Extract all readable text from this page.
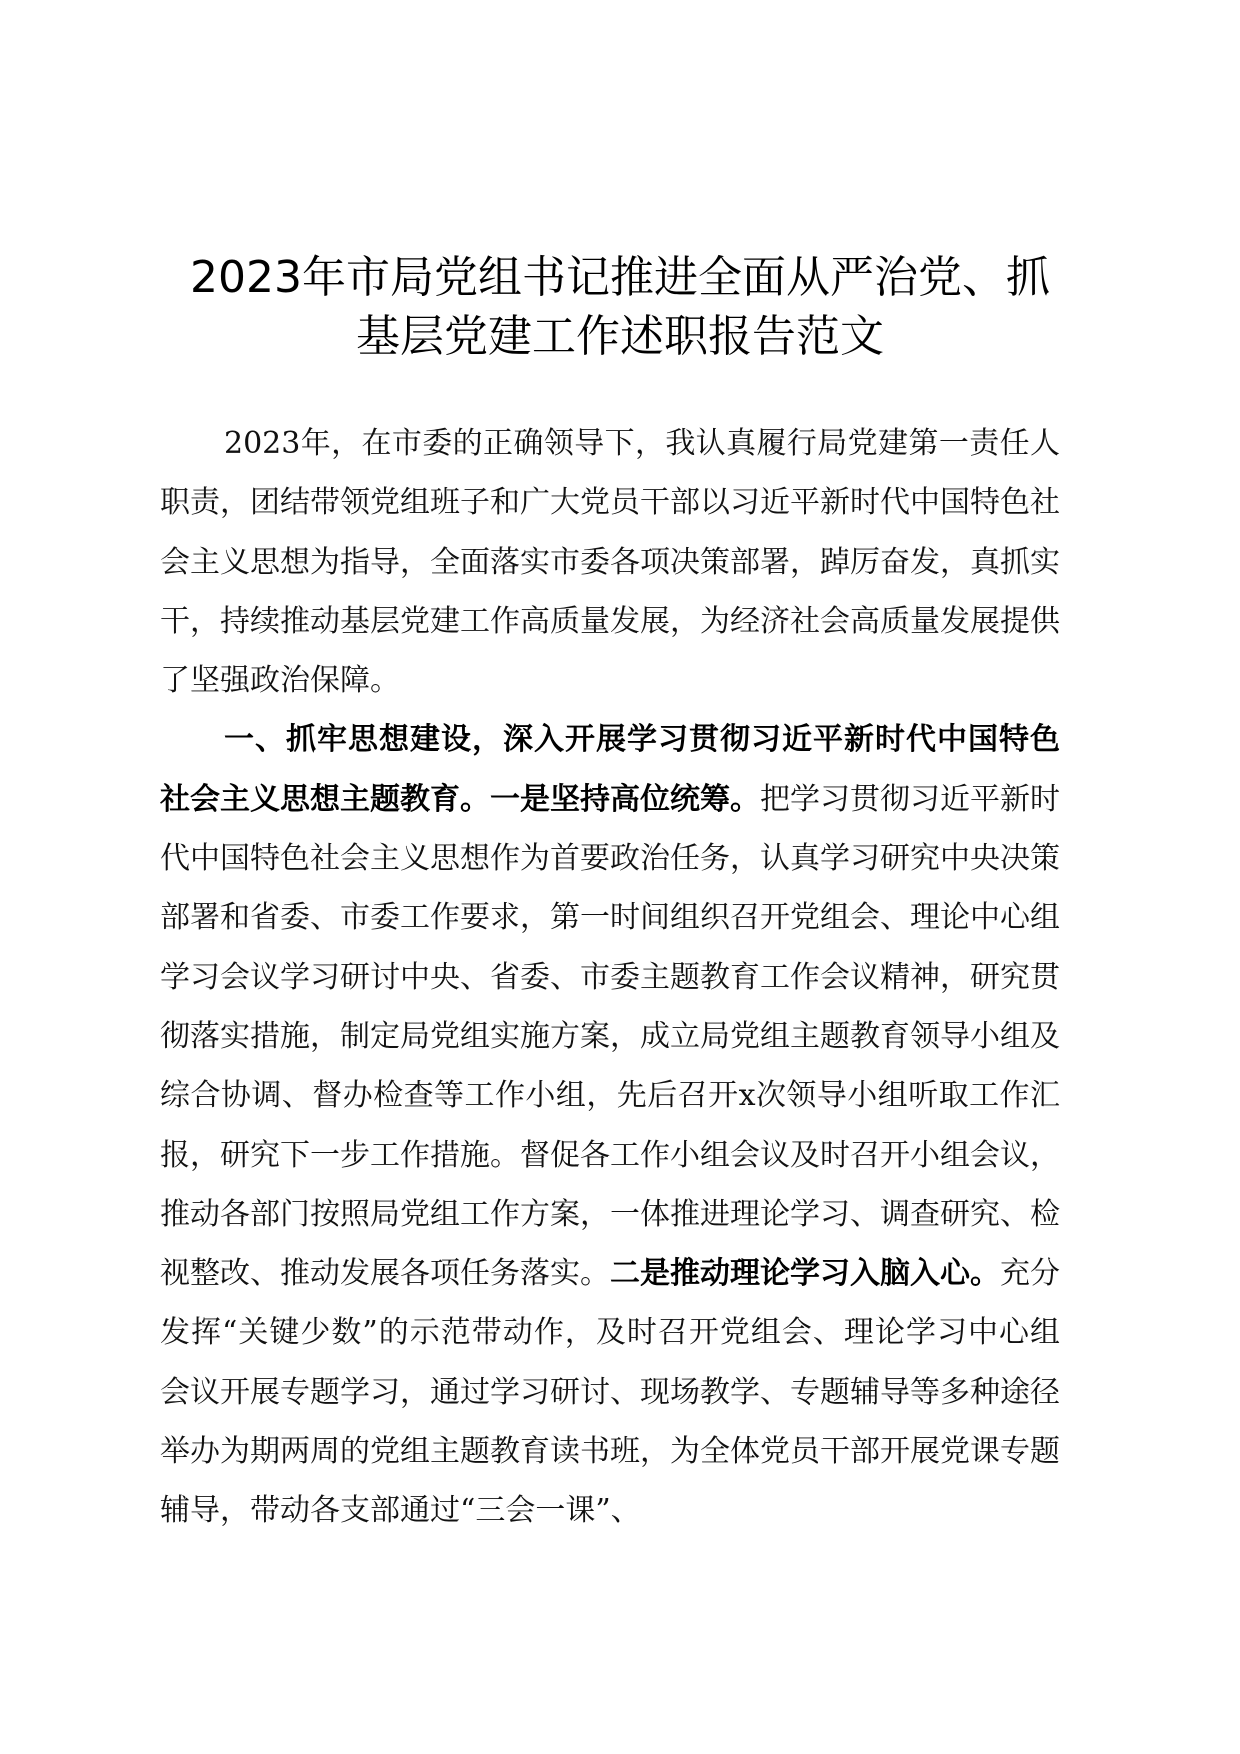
2023年市局党组书记推进全面从严治党、抓
基层党建工作述职报告范文

2023年，在市委的正确领导下，我认真履行局党建第一责任人职责，团结带领党组班子和广大党员干部以习近平新时代中国特色社会主义思想为指导，全面落实市委各项决策部署，踔厉奋发，真抓实干，持续推动基层党建工作高质量发展，为经济社会高质量发展提供了坚强政治保障。

一、抓牢思想建设，深入开展学习贯彻习近平新时代中国特色社会主义思想主题教育。一是坚持高位统筹。把学习贯彻习近平新时代中国特色社会主义思想作为首要政治任务，认真学习研究中央决策部署和省委、市委工作要求，第一时间组织召开党组会、理论中心组学习会议学习研讨中央、省委、市委主题教育工作会议精神，研究贯彻落实措施，制定局党组实施方案，成立局党组主题教育领导小组及综合协调、督办检查等工作小组，先后召开x次领导小组听取工作汇报，研究下一步工作措施。督促各工作小组会议及时召开小组会议，推动各部门按照局党组工作方案，一体推进理论学习、调查研究、检视整改、推动发展各项任务落实。二是推动理论学习入脑入心。充分发挥“关键少数”的示范带动作，及时召开党组会、理论学习中心组会议开展专题学习，通过学习研讨、现场教学、专题辅导等多种途径举办为期两周的党组主题教育读书班，为全体党员干部开展党课专题辅导，带动各支部通过“三会一课”、
